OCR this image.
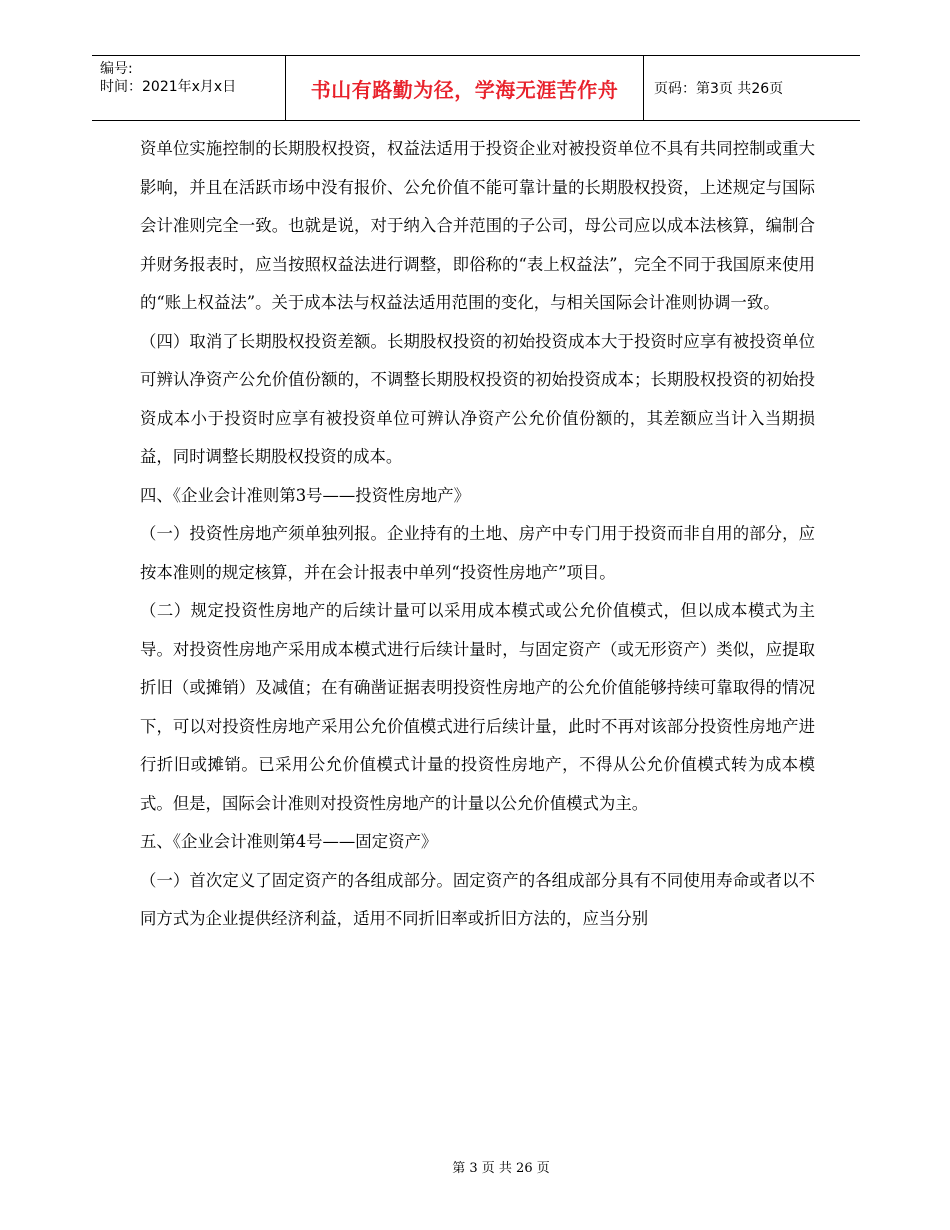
编号:
时间：2021年x月x日	书山有路勤为径，学海无涯苦作舟	页码：第3页 共26页

资单位实施控制的长期股权投资，权益法适用于投资企业对被投资单位不具有共同控制或重大影响，并且在活跃市场中没有报价、公允价值不能可靠计量的长期股权投资，上述规定与国际会计准则完全一致。也就是说，对于纳入合并范围的子公司，母公司应以成本法核算，编制合并财务报表时，应当按照权益法进行调整，即俗称的“表上权益法”，完全不同于我国原来使用的“账上权益法”。关于成本法与权益法适用范围的变化，与相关国际会计准则协调一致。

（四）取消了长期股权投资差额。长期股权投资的初始投资成本大于投资时应享有被投资单位可辨认净资产公允价值份额的，不调整长期股权投资的初始投资成本；长期股权投资的初始投资成本小于投资时应享有被投资单位可辨认净资产公允价值份额的，其差额应当计入当期损益，同时调整长期股权投资的成本。

四、《企业会计准则第3号——投资性房地产》

（一）投资性房地产须单独列报。企业持有的土地、房产中专门用于投资而非自用的部分，应按本准则的规定核算，并在会计报表中单列“投资性房地产”项目。

（二）规定投资性房地产的后续计量可以采用成本模式或公允价值模式，但以成本模式为主导。对投资性房地产采用成本模式进行后续计量时，与固定资产（或无形资产）类似，应提取折旧（或摊销）及减值；在有确凿证据表明投资性房地产的公允价值能够持续可靠取得的情况下，可以对投资性房地产采用公允价值模式进行后续计量，此时不再对该部分投资性房地产进行折旧或摊销。已采用公允价值模式计量的投资性房地产，不得从公允价值模式转为成本模式。但是，国际会计准则对投资性房地产的计量以公允价值模式为主。

五、《企业会计准则第4号——固定资产》

（一）首次定义了固定资产的各组成部分。固定资产的各组成部分具有不同使用寿命或者以不同方式为企业提供经济利益，适用不同折旧率或折旧方法的，应当分别

第 3 页 共 26 页
